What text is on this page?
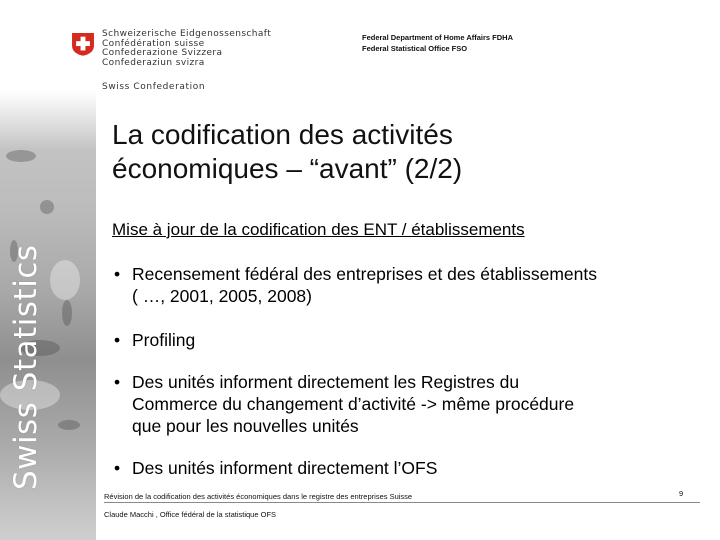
Swiss Statistics
Schweizerische Eidgenossenschaft
Confédération suisse
Confederazione Svizzera
Confederaziun svizra
Swiss Confederation
Federal Department of Home Affairs FDHA
Federal Statistical Office FSO
La codification des activités
économiques – “avant” (2/2)
Mise à jour de la codification des ENT / établissements
• Recensement fédéral des entreprises et des établissements
( …, 2001, 2005, 2008)
• Profiling
• Des unités informent directement les Registres du
Commerce du changement d’activité -> même procédure
que pour les nouvelles unités
• Des unités informent directement l’OFS
Révision de la codification des activités économiques dans le registre des entreprises Suisse	9
Claude Macchi , Office fédéral de la statistique OFS
